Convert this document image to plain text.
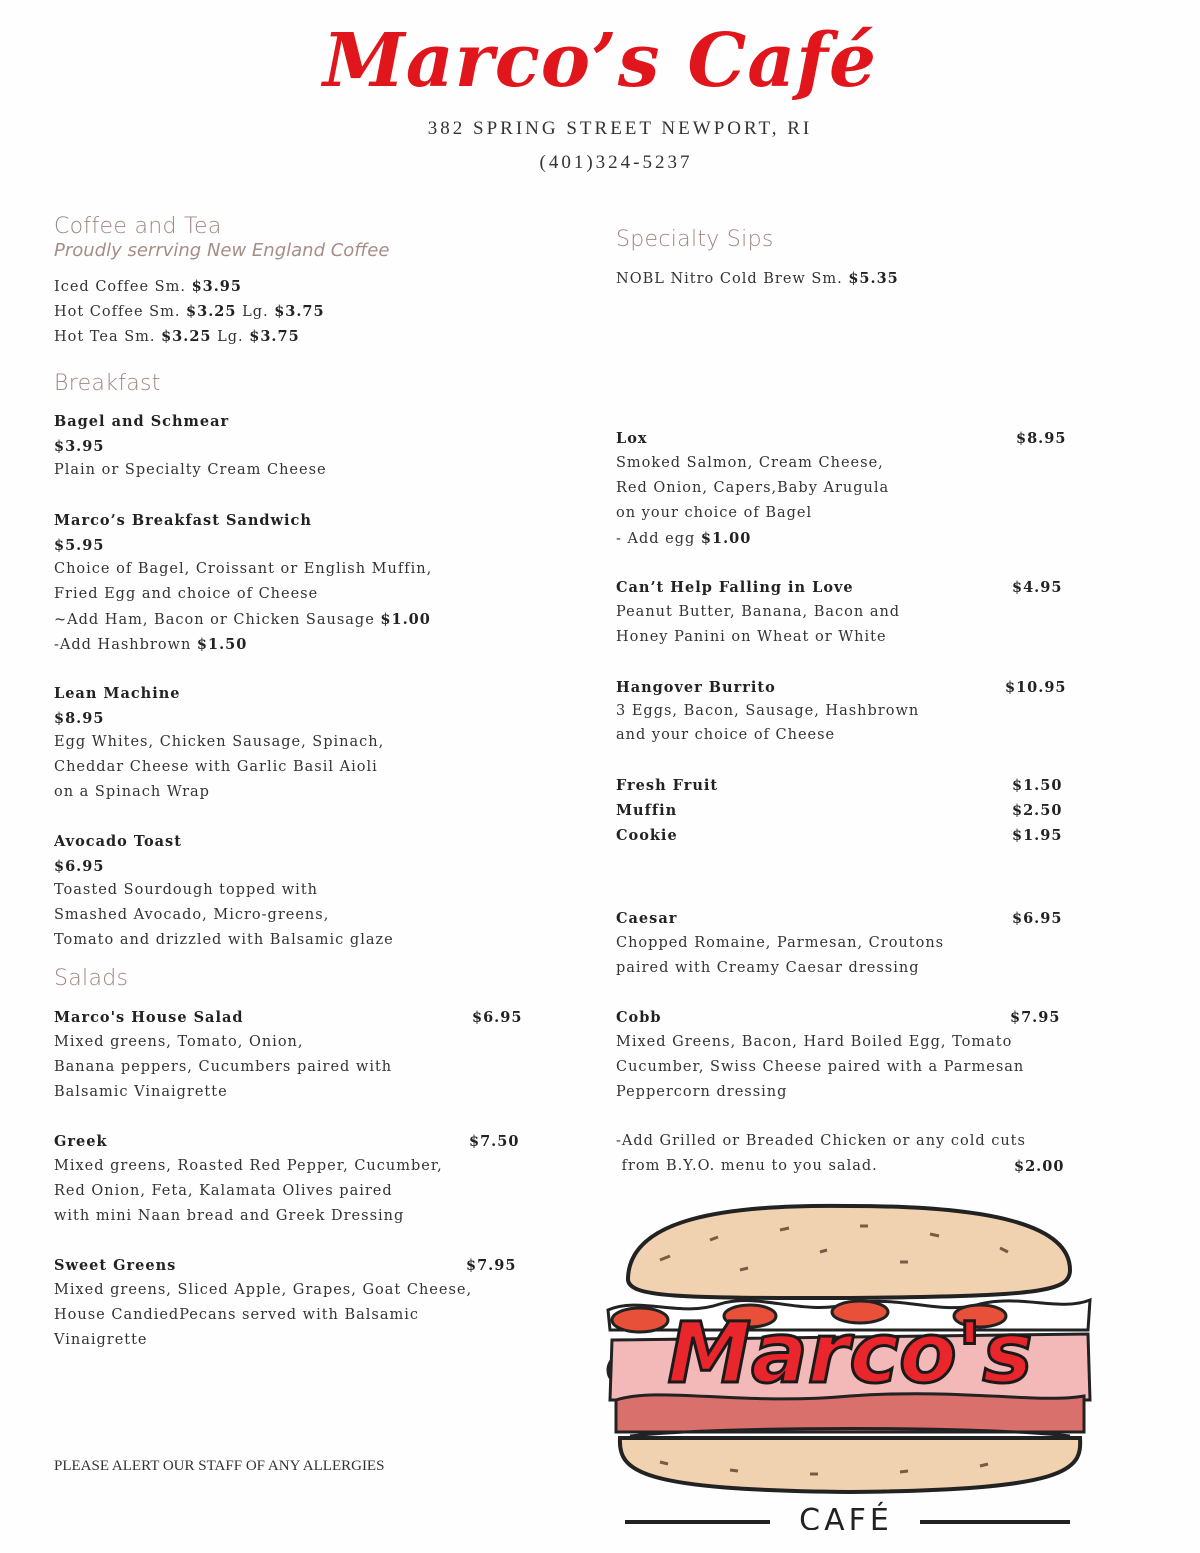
Marco’s Café
382 SPRING STREET NEWPORT, RI
(401)324-5237
Coffee and Tea
Proudly serrving New England Coffee
Iced Coffee Sm. $3.95
Hot Coffee Sm. $3.25 Lg. $3.75
Hot Tea Sm. $3.25 Lg. $3.75
Specialty Sips
NOBL Nitro Cold Brew Sm. $5.35
Breakfast
Bagel and Schmear
$3.95
Plain or Specialty Cream Cheese
Marco’s Breakfast Sandwich
$5.95
Choice of Bagel, Croissant or English Muffin,
Fried Egg and choice of Cheese
~Add Ham, Bacon or Chicken Sausage $1.00
-Add Hashbrown $1.50
Lean Machine
$8.95
Egg Whites, Chicken Sausage, Spinach,
Cheddar Cheese with Garlic Basil Aioli
on a Spinach Wrap
Avocado Toast
$6.95
Toasted Sourdough topped with
Smashed Avocado, Micro-greens,
Tomato and drizzled with Balsamic glaze
Lox	$8.95
Smoked Salmon, Cream Cheese,
Red Onion, Capers,Baby Arugula
on your choice of Bagel
- Add egg $1.00
Can’t Help Falling in Love	$4.95
Peanut Butter, Banana, Bacon and
Honey Panini on Wheat or White
Hangover Burrito	$10.95
3 Eggs, Bacon, Sausage, Hashbrown
and your choice of Cheese
Fresh Fruit	$1.50
Muffin	$2.50
Cookie	$1.95
Salads
Marco's House Salad	$6.95
Mixed greens, Tomato, Onion,
Banana peppers, Cucumbers paired with
Balsamic Vinaigrette
Greek	$7.50
Mixed greens, Roasted Red Pepper, Cucumber,
Red Onion, Feta, Kalamata Olives paired
with mini Naan bread and Greek Dressing
Sweet Greens	$7.95
Mixed greens, Sliced Apple, Grapes, Goat Cheese,
House CandiedPecans served with Balsamic
Vinaigrette
Caesar	$6.95
Chopped Romaine, Parmesan, Croutons
paired with Creamy Caesar dressing
Cobb	$7.95
Mixed Greens, Bacon, Hard Boiled Egg, Tomato
Cucumber, Swiss Cheese paired with a Parmesan
Peppercorn dressing
-Add Grilled or Breaded Chicken or any cold cuts
from B.Y.O. menu to you salad.	$2.00
PLEASE ALERT OUR STAFF OF ANY ALLERGIES
Marco's
CAFÉ
